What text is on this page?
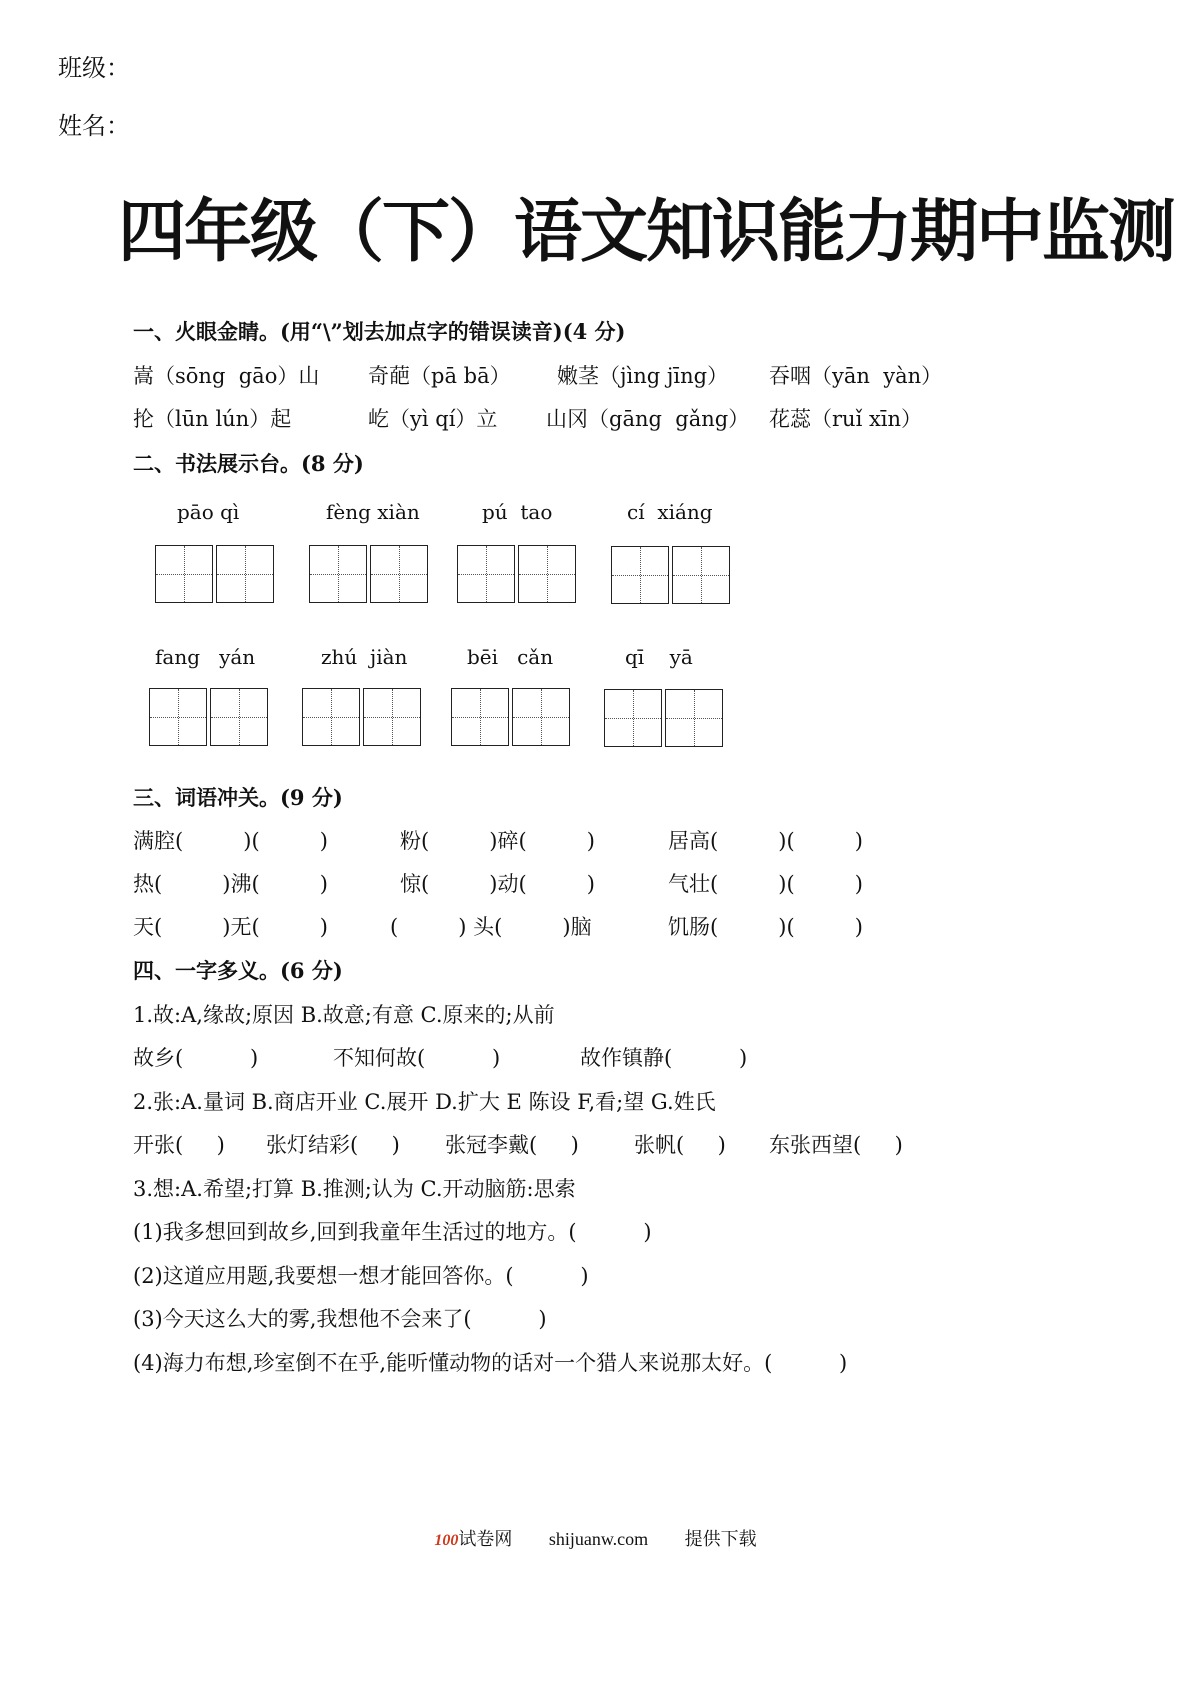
班级：
姓名：
四年级（下）语文知识能力期中监测
一、火眼金睛。(用“\”划去加点字的错误读音)(4 分)
嵩（sōng  gāo）山 奇葩（pā bā） 嫩茎（jìng jīng） 吞咽（yān  yàn）
抡（lūn lún）起	屹（yì qí）立 山冈（gāng  gǎng） 花蕊（ruǐ xīn）
二、书法展示台。(8 分)
pāo qì	fèng xiàn	pú  tao	cí  xiáng
fang   yán	zhú  jiàn	bēi   cǎn	qī    yā
三、词语冲关。(9 分)
满腔(         )(         )	粉(         )碎(         )	居高(         )(         )
热(         )沸(         )	惊(         )动(         )	气壮(         )(         )
天(         )无(         )	(         ) 头(         )脑	饥肠(         )(         )
四、一字多义。(6 分)
1.故:A,缘故;原因 B.故意;有意 C.原来的;从前
故乡(          )	不知何故(          )	故作镇静(          )
2.张:A.量词 B.商店开业 C.展开 D.扩大 E 陈设 F,看;望 G.姓氏
开张(     ) 张灯结彩(     ) 张冠李戴(     )	张帆(     ) 东张西望(     )
3.想:A.希望;打算 B.推测;认为 C.开动脑筋:思索
(1)我多想回到故乡,回到我童年生活过的地方。(          )
(2)这道应用题,我要想一想才能回答你。(          )
(3)今天这么大的雾,我想他不会来了(          )
(4)海力布想,珍室倒不在乎,能听懂动物的话对一个猎人来说那太好。(          )
100试卷网 shijuanw.com 提供下载
